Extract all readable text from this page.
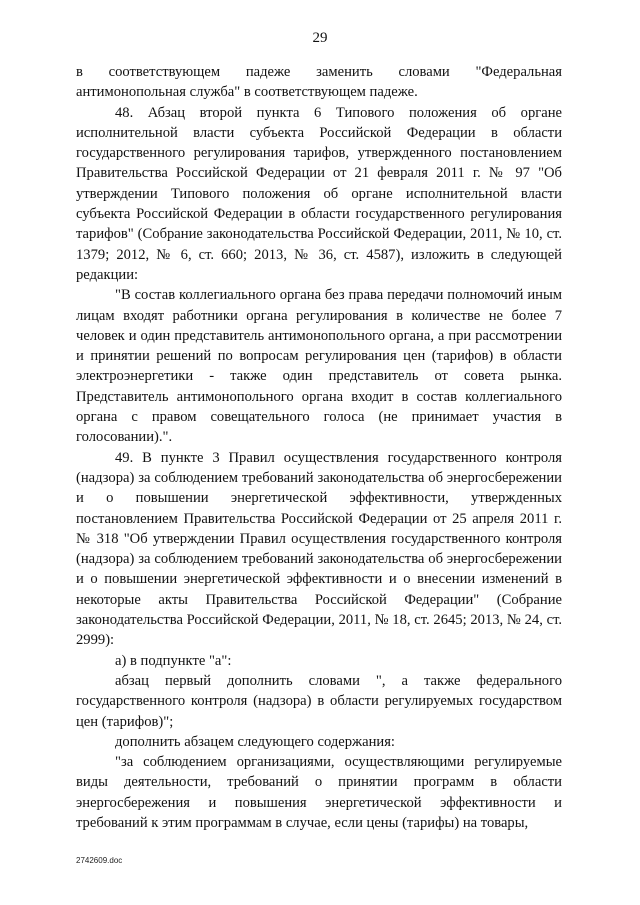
29

в соответствующем падеже заменить словами "Федеральная антимонопольная служба" в соответствующем падеже.

48. Абзац второй пункта 6 Типового положения об органе исполнительной власти субъекта Российской Федерации в области государственного регулирования тарифов, утвержденного постановлением Правительства Российской Федерации от 21 февраля 2011 г. № 97 "Об утверждении Типового положения об органе исполнительной власти субъекта Российской Федерации в области государственного регулирования тарифов" (Собрание законодательства Российской Федерации, 2011, № 10, ст. 1379; 2012, № 6, ст. 660; 2013, № 36, ст. 4587), изложить в следующей редакции:

"В состав коллегиального органа без права передачи полномочий иным лицам входят работники органа регулирования в количестве не более 7 человек и один представитель антимонопольного органа, а при рассмотрении и принятии решений по вопросам регулирования цен (тарифов) в области электроэнергетики - также один представитель от совета рынка. Представитель антимонопольного органа входит в состав коллегиального органа с правом совещательного голоса (не принимает участия в голосовании).".

49. В пункте 3 Правил осуществления государственного контроля (надзора) за соблюдением требований законодательства об энергосбережении и о повышении энергетической эффективности, утвержденных постановлением Правительства Российской Федерации от 25 апреля 2011 г. № 318 "Об утверждении Правил осуществления государственного контроля (надзора) за соблюдением требований законодательства об энергосбережении и о повышении энергетической эффективности и о внесении изменений в некоторые акты Правительства Российской Федерации" (Собрание законодательства Российской Федерации, 2011, № 18, ст. 2645; 2013, № 24, ст. 2999):

а) в подпункте "а":

абзац первый дополнить словами ", а также федерального государственного контроля (надзора) в области регулируемых государством цен (тарифов)";

дополнить абзацем следующего содержания:

"за соблюдением организациями, осуществляющими регулируемые виды деятельности, требований о принятии программ в области энергосбережения и повышения энергетической эффективности и требований к этим программам в случае, если цены (тарифы) на товары,

2742609.doc
